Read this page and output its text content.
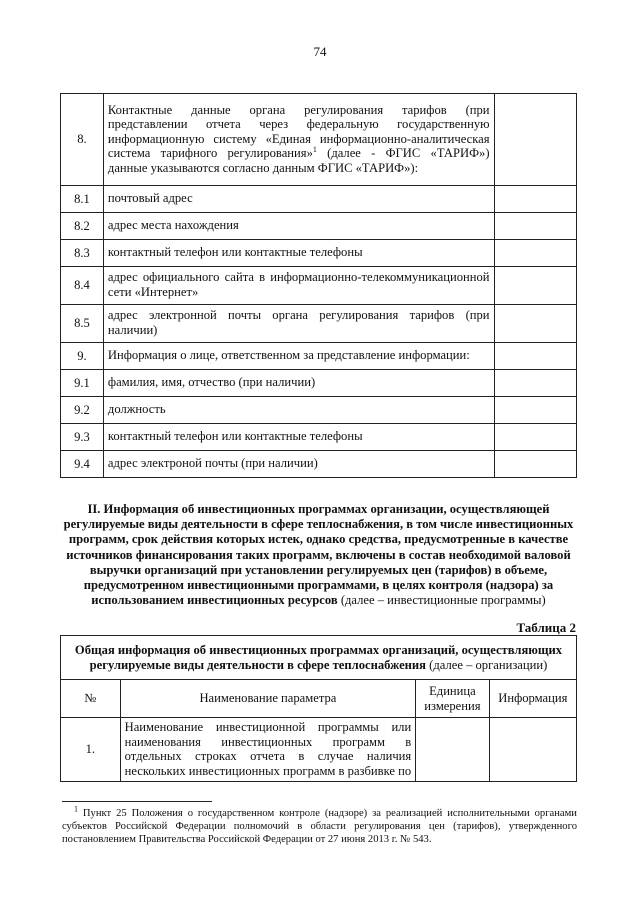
74
8.	Контактные данные органа регулирования тарифов (при представлении отчета через федеральную государственную информационную систему «Единая информационно-аналитическая система тарифного регулирования»$^1$ (далее - ФГИС «ТАРИФ») данные указываются согласно данным ФГИС «ТАРИФ»):	
8.1	почтовый адрес	
8.2	адрес места нахождения	
8.3	контактный телефон или контактные телефоны	
8.4	адрес официального сайта в информационно-телекоммуникационной сети «Интернет»	
8.5	адрес электронной почты органа регулирования тарифов (при наличии)	
9.	Информация о лице, ответственном за представление информации:	
9.1	фамилия, имя, отчество (при наличии)	
9.2	должность	
9.3	контактный телефон или контактные телефоны	
9.4	адрес электроной почты (при наличии)	
II. Информация об инвестиционных программах организации, осуществляющей регулируемые виды деятельности в сфере теплоснабжения, в том числе инвестиционных программ, срок действия которых истек, однако средства, предусмотренные в качестве источников финансирования таких программ, включены в состав необходимой валовой выручки организаций при установлении регулируемых цен (тарифов) в объеме, предусмотренном инвестиционными программами, в целях контроля (надзора) за использованием инвестиционных ресурсов (далее – инвестиционные программы)
Таблица 2
Общая информация об инвестиционных программах организаций, осуществляющих регулируемые виды деятельности в сфере теплоснабжения (далее – организации)			
№	Наименование параметра	Единица измерения	Информация
1.	Наименование инвестиционной программы или
наименования инвестиционных программ в
отдельных строках отчета в случае наличия
нескольких инвестиционных программ в разбивке по		

$^1$ Пункт 25 Положения о государственном контроле (надзоре) за реализацией исполнительными органами субъектов Российской Федерации полномочий в области регулирования цен (тарифов), утвержденного постановлением Правительства Российской Федерации от 27 июня 2013 г. № 543.
